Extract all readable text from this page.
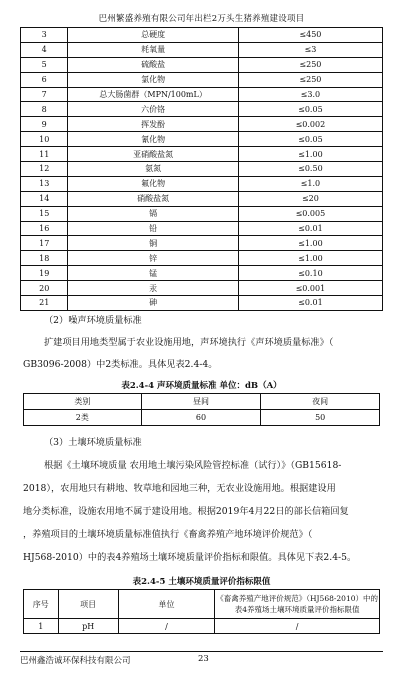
巴州繁盛养殖有限公司年出栏2万头生猪养殖建设项目
3	总硬度	≤450
4	耗氧量	≤3
5	硫酸盐	≤250
6	氯化物	≤250
7	总大肠菌群（MPN/100mL）	≤3.0
8	六价铬	≤0.05
9	挥发酚	≤0.002
10	氰化物	≤0.05
11	亚硝酸盐氮	≤1.00
12	氨氮	≤0.50
13	氟化物	≤1.0
14	硝酸盐氮	≤20
15	镉	≤0.005
16	铅	≤0.01
17	铜	≤1.00
18	锌	≤1.00
19	锰	≤0.10
20	汞	≤0.001
21	砷	≤0.01
（2）噪声环境质量标准
扩建项目用地类型属于农业设施用地，声环境执行《声环境质量标准》（
GB3096-2008）中2类标准。具体见表2.4-4。
表2.4-4 声环境质量标准 单位：dB（A）
类别	昼间	夜间
2类	60	50
（3）土壤环境质量标准
根据《土壤环境质量 农用地土壤污染风险管控标准（试行）》（GB15618-
2018），农用地只有耕地、牧草地和园地三种，无农业设施用地。根据建设用
地分类标准，设施农用地不属于建设用地。根据2019年4月22日的部长信箱回复
，养殖项目的土壤环境质量标准值执行《畜禽养殖产地环境评价规范》（
HJ568-2010）中的表4养殖场土壤环境质量评价指标和限值。具体见下表2.4-5。
表2.4-5 土壤环境质量评价指标限值
序号	项目	单位	《畜禽养殖产地评价规范》（HJ568-2010）中的表4养殖场土壤环境质量评价指标限值
1	pH	/	/
巴州鑫浩诚环保科技有限公司	23
